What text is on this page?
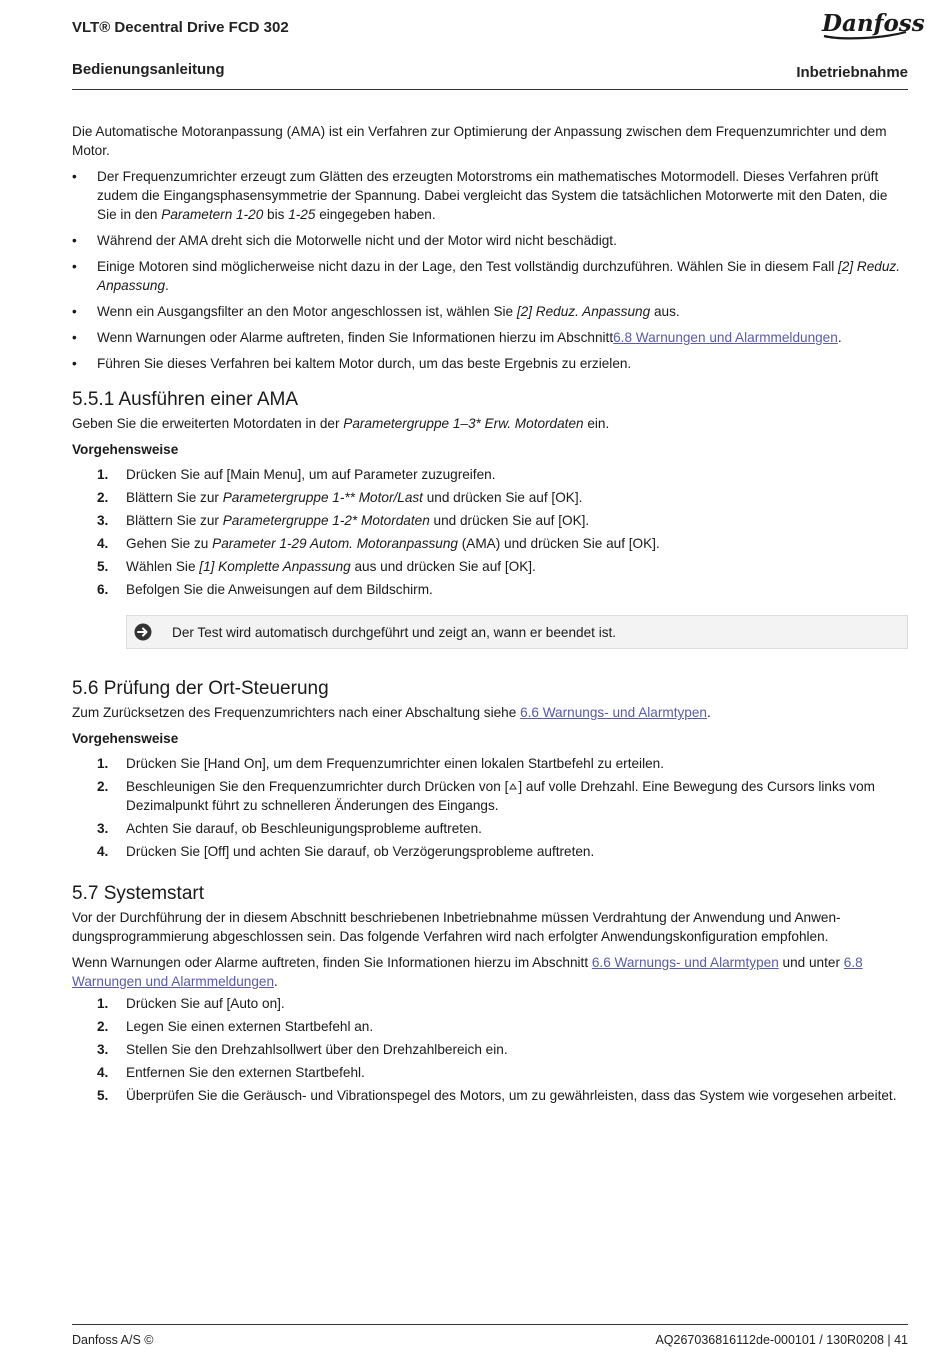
VLT® Decentral Drive FCD 302	Danfoss
Bedienungsanleitung	Inbetriebnahme

Die Automatische Motoranpassung (AMA) ist ein Verfahren zur Optimierung der Anpassung zwischen dem Frequenzumrichter und dem Motor.

• Der Frequenzumrichter erzeugt zum Glätten des erzeugten Motorstroms ein mathematisches Motormodell. Dieses Verfahren prüft zudem die Eingangsphasensymmetrie der Spannung. Dabei vergleicht das System die tatsächlichen Motorwerte mit den Daten, die Sie in den Parametern 1-20 bis 1-25 eingegeben haben.
• Während der AMA dreht sich die Motorwelle nicht und der Motor wird nicht beschädigt.
• Einige Motoren sind möglicherweise nicht dazu in der Lage, den Test vollständig durchzuführen. Wählen Sie in diesem Fall [2] Reduz. Anpassung.
• Wenn ein Ausgangsfilter an den Motor angeschlossen ist, wählen Sie [2] Reduz. Anpassung aus.
• Wenn Warnungen oder Alarme auftreten, finden Sie Informationen hierzu im Abschnitt6.8 Warnungen und Alarmmeldungen.
• Führen Sie dieses Verfahren bei kaltem Motor durch, um das beste Ergebnis zu erzielen.
5.5.1 Ausführen einer AMA

Geben Sie die erweiterten Motordaten in der Parametergruppe 1–3* Erw. Motordaten ein.

Vorgehensweise
1. Drücken Sie auf [Main Menu], um auf Parameter zuzugreifen.
2. Blättern Sie zur Parametergruppe 1-** Motor/Last und drücken Sie auf [OK].
3. Blättern Sie zur Parametergruppe 1-2* Motordaten und drücken Sie auf [OK].
4. Gehen Sie zu Parameter 1-29 Autom. Motoranpassung (AMA) und drücken Sie auf [OK].
5. Wählen Sie [1] Komplette Anpassung aus und drücken Sie auf [OK].
6. Befolgen Sie die Anweisungen auf dem Bildschirm.
Der Test wird automatisch durchgeführt und zeigt an, wann er beendet ist.
5.6 Prüfung der Ort-Steuerung

Zum Zurücksetzen des Frequenzumrichters nach einer Abschaltung siehe 6.6 Warnungs- und Alarmtypen.

Vorgehensweise
1. Drücken Sie [Hand On], um dem Frequenzumrichter einen lokalen Startbefehl zu erteilen.
2. Beschleunigen Sie den Frequenzumrichter durch Drücken von [ ] auf volle Drehzahl. Eine Bewegung des Cursors links vom Dezimalpunkt führt zu schnelleren Änderungen des Eingangs.
3. Achten Sie darauf, ob Beschleunigungsprobleme auftreten.
4. Drücken Sie [Off] und achten Sie darauf, ob Verzögerungsprobleme auftreten.
5.7 Systemstart

Vor der Durchführung der in diesem Abschnitt beschriebenen Inbetriebnahme müssen Verdrahtung der Anwendung und Anwendungsprogrammierung abgeschlossen sein. Das folgende Verfahren wird nach erfolgter Anwendungskonfiguration empfohlen.

Wenn Warnungen oder Alarme auftreten, finden Sie Informationen hierzu im Abschnitt 6.6 Warnungs- und Alarmtypen und unter 6.8 Warnungen und Alarmmeldungen.

1. Drücken Sie auf [Auto on].
2. Legen Sie einen externen Startbefehl an.
3. Stellen Sie den Drehzahlsollwert über den Drehzahlbereich ein.
4. Entfernen Sie den externen Startbefehl.
5. Überprüfen Sie die Geräusch- und Vibrationspegel des Motors, um zu gewährleisten, dass das System wie vorgesehen arbeitet.
Danfoss A/S ©	AQ267036816112de-000101 / 130R0208 | 41
